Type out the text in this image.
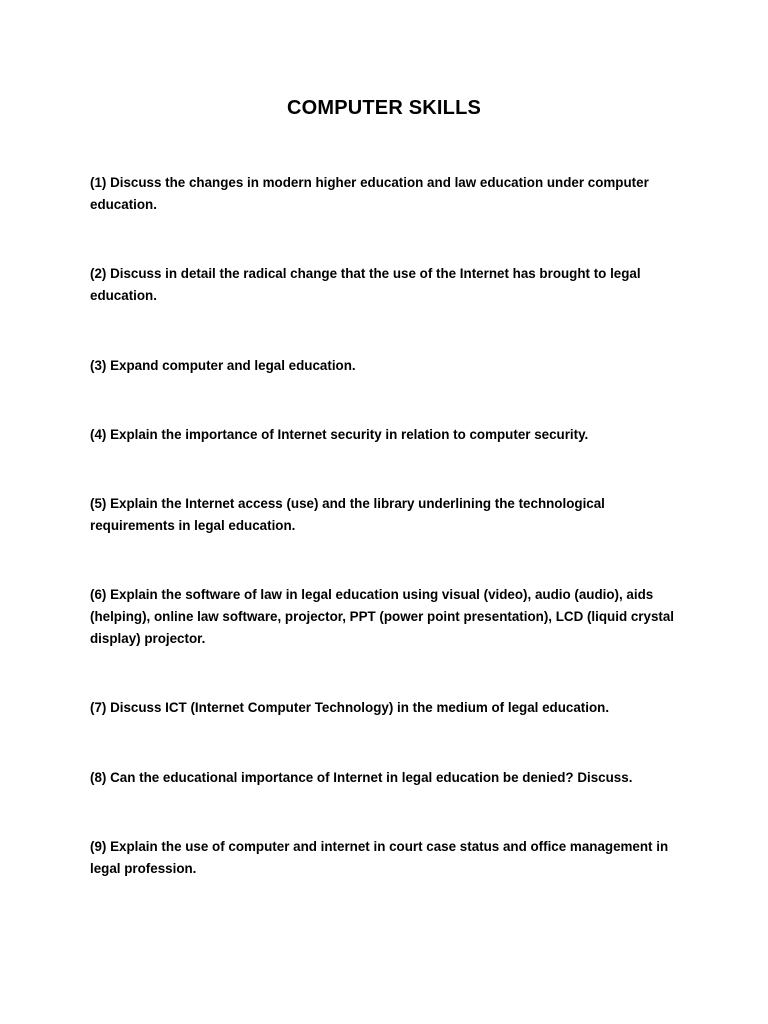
COMPUTER SKILLS

(1) Discuss the changes in modern higher education and law education under computer education.

(2) Discuss in detail the radical change that the use of the Internet has brought to legal education.

(3) Expand computer and legal education.

(4) Explain the importance of Internet security in relation to computer security.

(5) Explain the Internet access (use) and the library underlining the technological requirements in legal education.

(6) Explain the software of law in legal education using visual (video), audio (audio), aids (helping), online law software, projector, PPT (power point presentation), LCD (liquid crystal display) projector.

(7) Discuss ICT (Internet Computer Technology) in the medium of legal education.

(8) Can the educational importance of Internet in legal education be denied? Discuss.

(9) Explain the use of computer and internet in court case status and office management in legal profession.
